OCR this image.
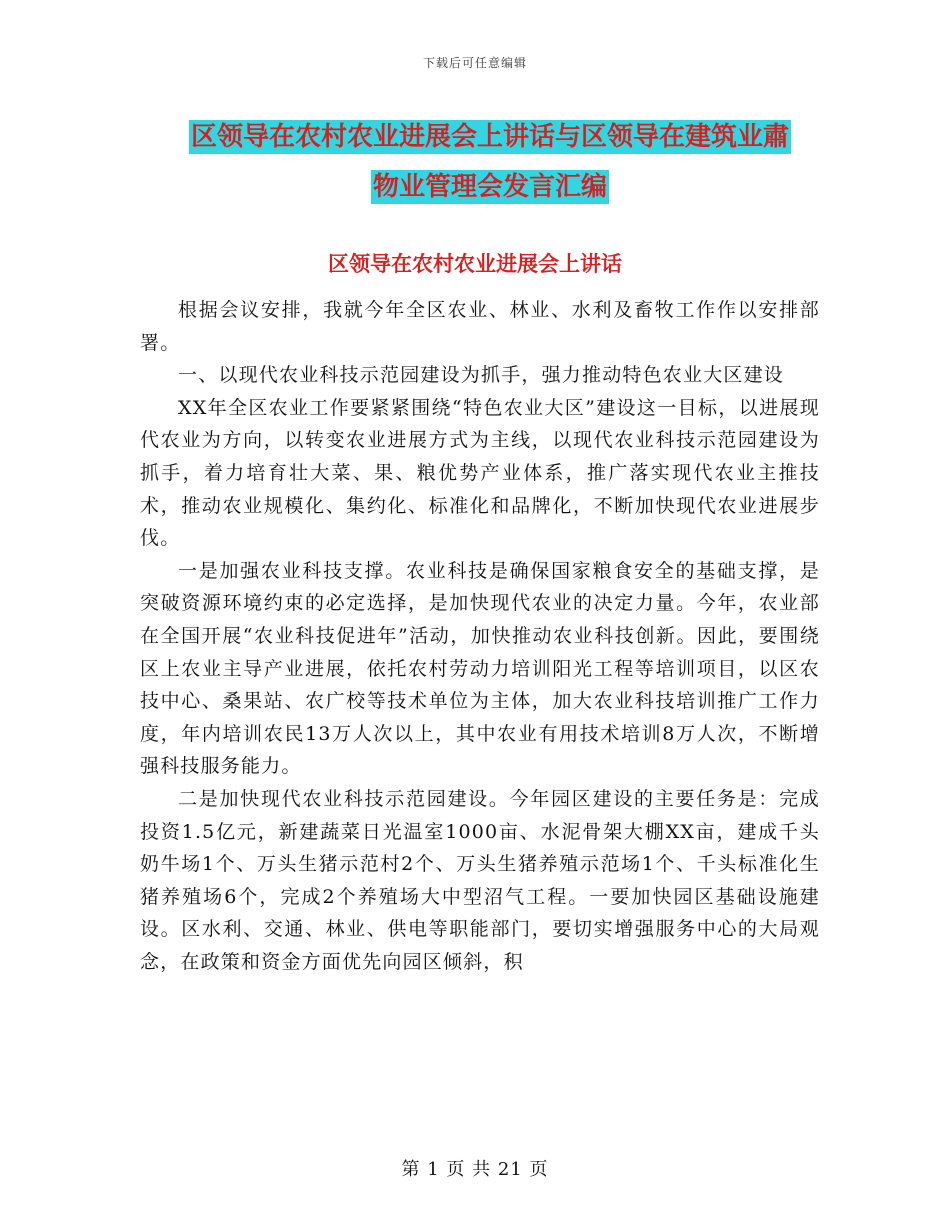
下载后可任意编辑
区领导在农村农业进展会上讲话与区领导在建筑业肅
物业管理会发言汇编
区领导在农村农业进展会上讲话

根据会议安排，我就今年全区农业、林业、水利及畜牧工作作以安排部署。

一、以现代农业科技示范园建设为抓手，强力推动特色农业大区建设

XX年全区农业工作要紧紧围绕“特色农业大区”建设这一目标，以进展现代农业为方向，以转变农业进展方式为主线，以现代农业科技示范园建设为抓手，着力培育壮大菜、果、粮优势产业体系，推广落实现代农业主推技术，推动农业规模化、集约化、标准化和品牌化，不断加快现代农业进展步伐。

一是加强农业科技支撑。农业科技是确保国家粮食安全的基础支撑，是突破资源环境约束的必定选择，是加快现代农业的决定力量。今年，农业部在全国开展“农业科技促进年”活动，加快推动农业科技创新。因此，要围绕区上农业主导产业进展，依托农村劳动力培训阳光工程等培训项目，以区农技中心、桑果站、农广校等技术单位为主体，加大农业科技培训推广工作力度，年内培训农民13万人次以上，其中农业有用技术培训8万人次，不断增强科技服务能力。

二是加快现代农业科技示范园建设。今年园区建设的主要任务是：完成投资1.5亿元，新建蔬菜日光温室1000亩、水泥骨架大棚XX亩，建成千头奶牛场1个、万头生猪示范村2个、万头生猪养殖示范场1个、千头标准化生猪养殖场6个，完成2个养殖场大中型沼气工程。一要加快园区基础设施建设。区水利、交通、林业、供电等职能部门，要切实增强服务中心的大局观念，在政策和资金方面优先向园区倾斜，积

第 1 页 共 21 页
